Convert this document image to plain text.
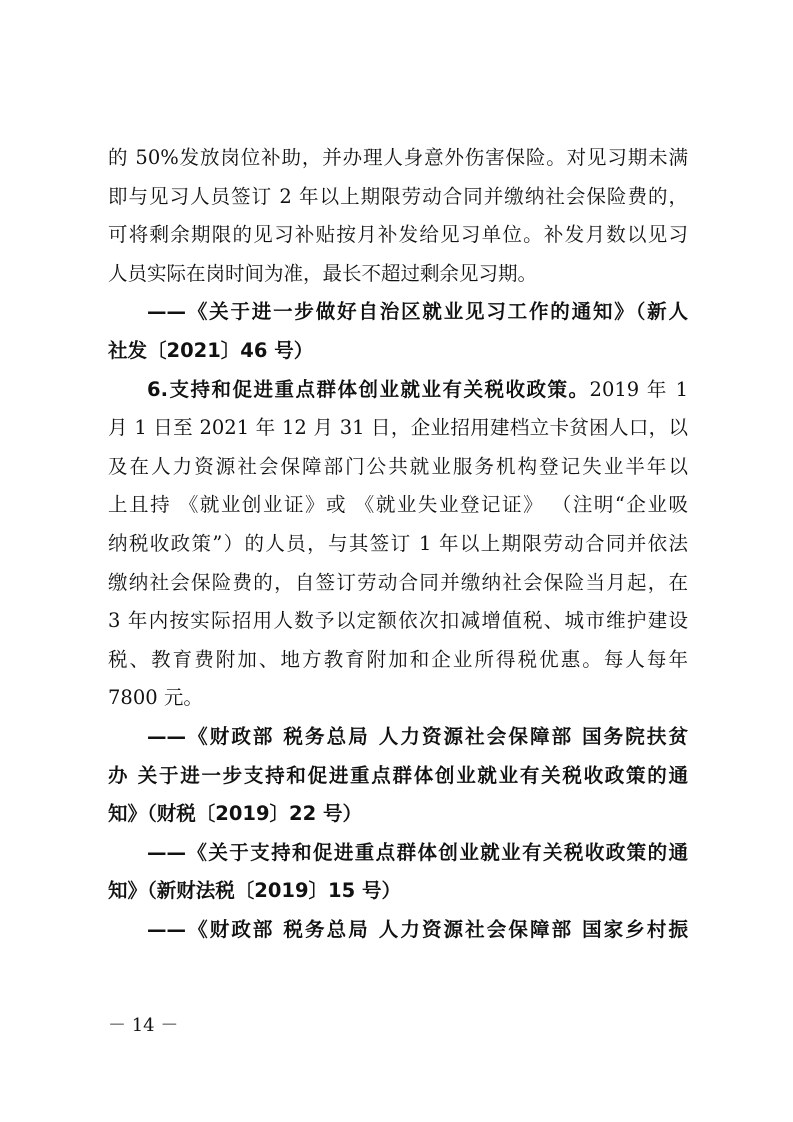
的 50%发放岗位补助，并办理人身意外伤害保险。对见习期未满
即与见习人员签订 2 年以上期限劳动合同并缴纳社会保险费的，
可将剩余期限的见习补贴按月补发给见习单位。补发月数以见习
人员实际在岗时间为准，最长不超过剩余见习期。
——《关于进一步做好自治区就业见习工作的通知》（新人
社发〔2021〕46 号）
6.支持和促进重点群体创业就业有关税收政策。2019 年 1
月 1 日至 2021 年 12 月 31 日，企业招用建档立卡贫困人口，以
及在人力资源社会保障部门公共就业服务机构登记失业半年以
上且持 《就业创业证》或 《就业失业登记证》 （注明“企业吸
纳税收政策”）的人员，与其签订 1 年以上期限劳动合同并依法
缴纳社会保险费的，自签订劳动合同并缴纳社会保险当月起，在
3 年内按实际招用人数予以定额依次扣减增值税、城市维护建设
税、教育费附加、地方教育附加和企业所得税优惠。每人每年
7800 元。
——《财政部 税务总局 人力资源社会保障部 国务院扶贫
办 关于进一步支持和促进重点群体创业就业有关税收政策的通
知》（财税〔2019〕22 号）
——《关于支持和促进重点群体创业就业有关税收政策的通
知》（新财法税〔2019〕15 号）
——《财政部 税务总局 人力资源社会保障部 国家乡村振
－ 14 －
